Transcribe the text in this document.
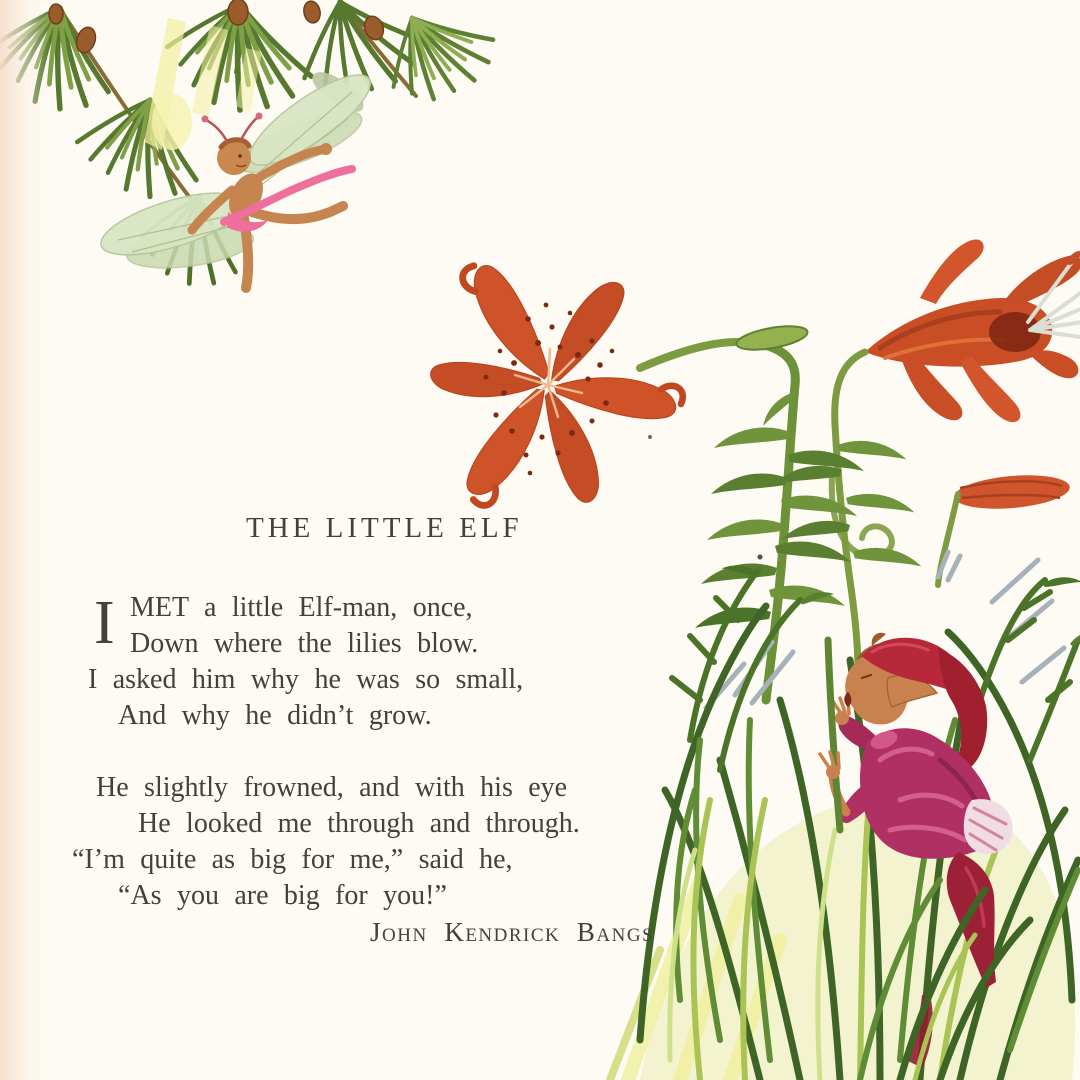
THE LITTLE ELF
I MET a little Elf-man, once,
Down where the lilies blow.
I asked him why he was so small,
And why he didn’t grow.
He slightly frowned, and with his eye
He looked me through and through.
“I’m quite as big for me,” said he,
“As you are big for you!”
John Kendrick Bangs
